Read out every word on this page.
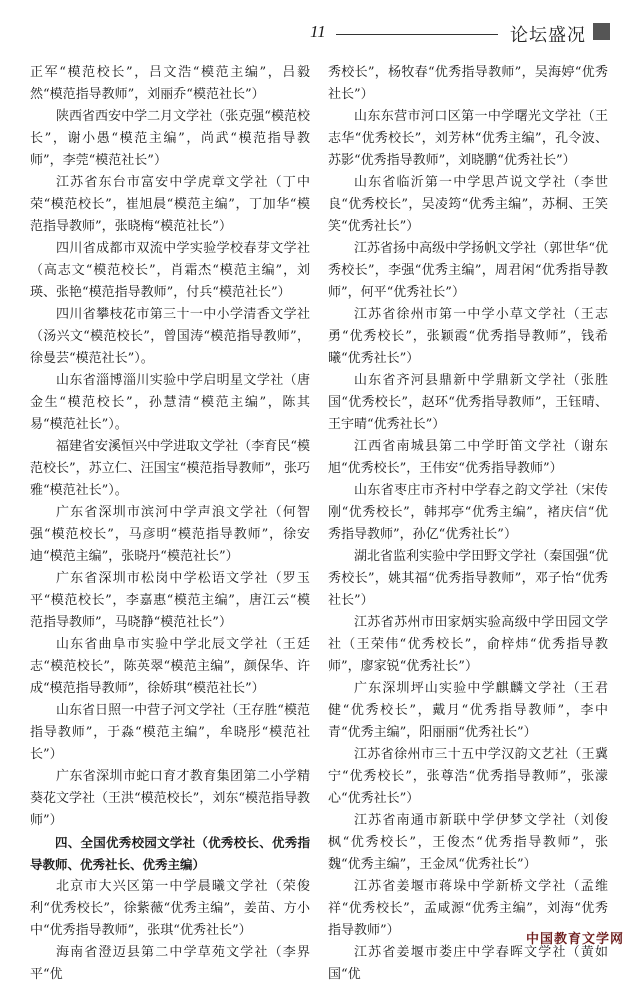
11	论坛盛况

正军“模范校长”，吕文浩“模范主编”，吕毅然“模范指导教师”，刘丽乔“模范社长”）

陕西省西安中学二月文学社（张克强“模范校长”，谢小愚“模范主编”，尚武“模范指导教师”，李莞“模范社长”）

江苏省东台市富安中学虎章文学社（丁中荣“模范校长”，崔旭晨“模范主编”，丁加华“模范指导教师”，张晓梅“模范社长”）

四川省成都市双流中学实验学校春芽文学社（高志文“模范校长”，肖霜杰“模范主编”，刘瑛、张艳“模范指导教师”，付兵“模范社长”）

四川省攀枝花市第三十一中小学清香文学社（汤兴文“模范校长”，曾国涛“模范指导教师”，徐曼芸“模范社长”）。

山东省淄博淄川实验中学启明星文学社（唐金生“模范校长”，孙慧清“模范主编”，陈其易“模范社长”）。

福建省安溪恒兴中学进取文学社（李育民“模范校长”，苏立仁、汪国宝“模范指导教师”，张巧雅“模范社长”）。

广东省深圳市滨河中学声浪文学社（何智强“模范校长”，马彦明“模范指导教师”，徐安迪“模范主编”，张晓丹“模范社长”）

广东省深圳市松岗中学松语文学社（罗玉平“模范校长”，李嘉惠“模范主编”，唐江云“模范指导教师”，马晓静“模范社长”）

山东省曲阜市实验中学北辰文学社（王廷志“模范校长”，陈英翠“模范主编”，颜保华、许成“模范指导教师”，徐娇琪“模范社长”）

山东省日照一中营子河文学社（王存胜“模范指导教师”，于淼“模范主编”，牟晓彤“模范社长”）

广东省深圳市蛇口育才教育集团第二小学精葵花文学社（王洪“模范校长”，刘东“模范指导教师”）

四、全国优秀校园文学社（优秀校长、优秀指导教师、优秀社长、优秀主编）

北京市大兴区第一中学晨曦文学社（荣俊利“优秀校长”，徐紫薇“优秀主编”，姜苗、方小中“优秀指导教师”，张琪“优秀社长”）

海南省澄迈县第二中学草苑文学社（李界平“优

秀校长”，杨牧春“优秀指导教师”，吴海婷“优秀社长”）

山东东营市河口区第一中学曙光文学社（王志华“优秀校长”，刘芳林“优秀主编”，孔令波、苏影“优秀指导教师”，刘晓鹏“优秀社长”）

山东省临沂第一中学思芦说文学社（李世良“优秀校长”，吴凌筠“优秀主编”，苏桐、王笑笑“优秀社长”）

江苏省扬中高级中学扬帆文学社（郭世华“优秀校长”，李强“优秀主编”，周君闲“优秀指导教师”，何平“优秀社长”）

江苏省徐州市第一中学小草文学社（王志勇“优秀校长”，张颖霞“优秀指导教师”，钱希曦“优秀社长”）

山东省齐河县鼎新中学鼎新文学社（张胜国“优秀校长”，赵环“优秀指导教师”，王钰晴、王宇晴“优秀社长”）

江西省南城县第二中学盱笛文学社（谢东旭“优秀校长”，王伟安“优秀指导教师”）

山东省枣庄市齐村中学春之韵文学社（宋传刚“优秀校长”，韩邦亭“优秀主编”，褚庆信“优秀指导教师”，孙亿“优秀社长”）

湖北省监利实验中学田野文学社（秦国强“优秀校长”，姚其福“优秀指导教师”，邓子怡“优秀社长”）

江苏省苏州市田家炳实验高级中学田园文学社（王荣伟“优秀校长”，俞梓炜“优秀指导教师”，廖家锐“优秀社长”）

广东深圳坪山实验中学麒麟文学社（王君健“优秀校长”，戴月“优秀指导教师”，李中青“优秀主编”，阳丽丽“优秀社长”）

江苏省徐州市三十五中学汉韵文艺社（王冀宁“优秀校长”，张尊浩“优秀指导教师”，张濛心“优秀社长”）

江苏省南通市新联中学伊梦文学社（刘俊枫“优秀校长”，王俊杰“优秀指导教师”，张魏“优秀主编”，王金凤“优秀社长”）

江苏省姜堰市蒋垛中学新桥文学社（孟维祥“优秀校长”，孟咸源“优秀主编”，刘海“优秀指导教师”）

江苏省姜堰市娄庄中学春晖文学社（黄如国“优

中国教育文学网
